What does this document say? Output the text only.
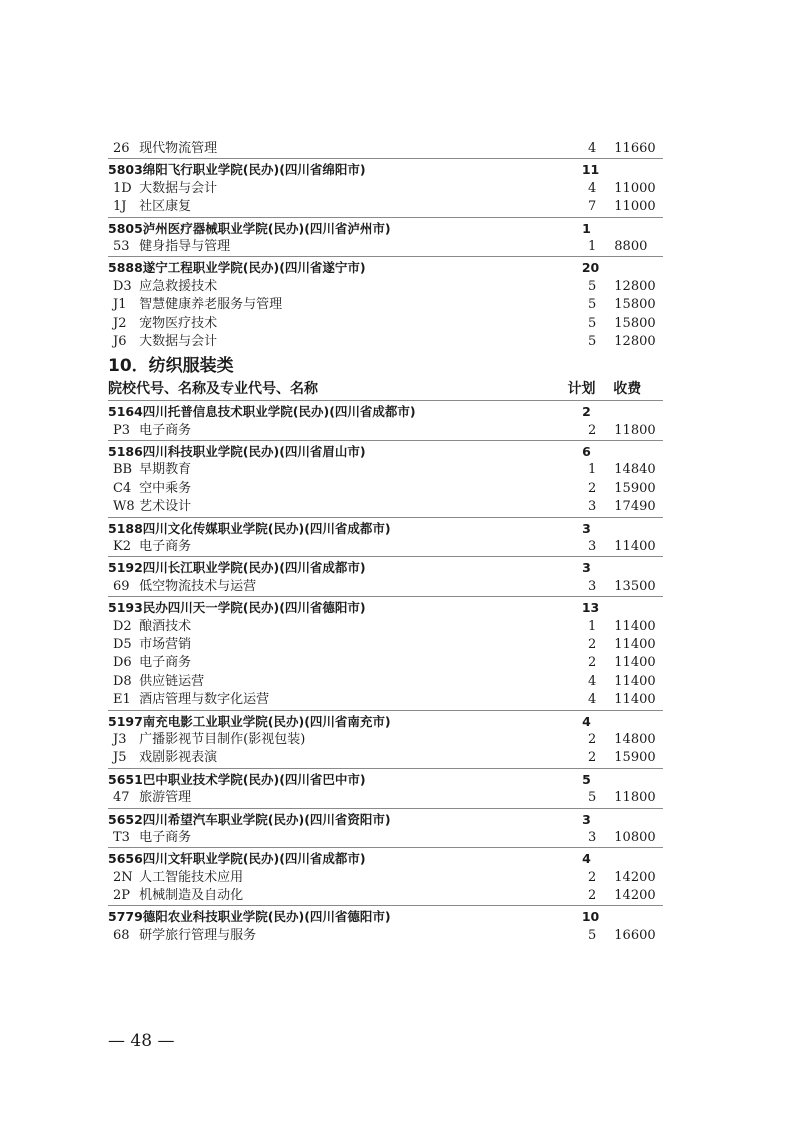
26 现代物流管理	4 11660
5803绵阳飞行职业学院(民办)(四川省绵阳市)	11
1D 大数据与会计	4 11000
1J 社区康复	7 11000
5805泸州医疗器械职业学院(民办)(四川省泸州市)	1
53 健身指导与管理	1 8800
5888遂宁工程职业学院(民办)(四川省遂宁市)	20
D3 应急救援技术	5 12800
J1 智慧健康养老服务与管理	5 15800
J2 宠物医疗技术	5 15800
J6 大数据与会计	5 12800
10．纺织服装类
院校代号、名称及专业代号、名称	计划	收费
5164四川托普信息技术职业学院(民办)(四川省成都市)	2
P3 电子商务	2 11800
5186四川科技职业学院(民办)(四川省眉山市)	6
BB 早期教育	1 14840
C4 空中乘务	2 15900
W8 艺术设计	3 17490
5188四川文化传媒职业学院(民办)(四川省成都市)	3
K2 电子商务	3 11400
5192四川长江职业学院(民办)(四川省成都市)	3
69 低空物流技术与运营	3 13500
5193民办四川天一学院(民办)(四川省德阳市)	13
D2 酿酒技术	1 11400
D5 市场营销	2 11400
D6 电子商务	2 11400
D8 供应链运营	4 11400
E1 酒店管理与数字化运营	4 11400
5197南充电影工业职业学院(民办)(四川省南充市)	4
J3 广播影视节目制作(影视包装)	2 14800
J5 戏剧影视表演	2 15900
5651巴中职业技术学院(民办)(四川省巴中市)	5
47 旅游管理	5 11800
5652四川希望汽车职业学院(民办)(四川省资阳市)	3
T3 电子商务	3 10800
5656四川文轩职业学院(民办)(四川省成都市)	4
2N 人工智能技术应用	2 14200
2P 机械制造及自动化	2 14200
5779德阳农业科技职业学院(民办)(四川省德阳市)	10
68 研学旅行管理与服务	5 16600
— 48 —
